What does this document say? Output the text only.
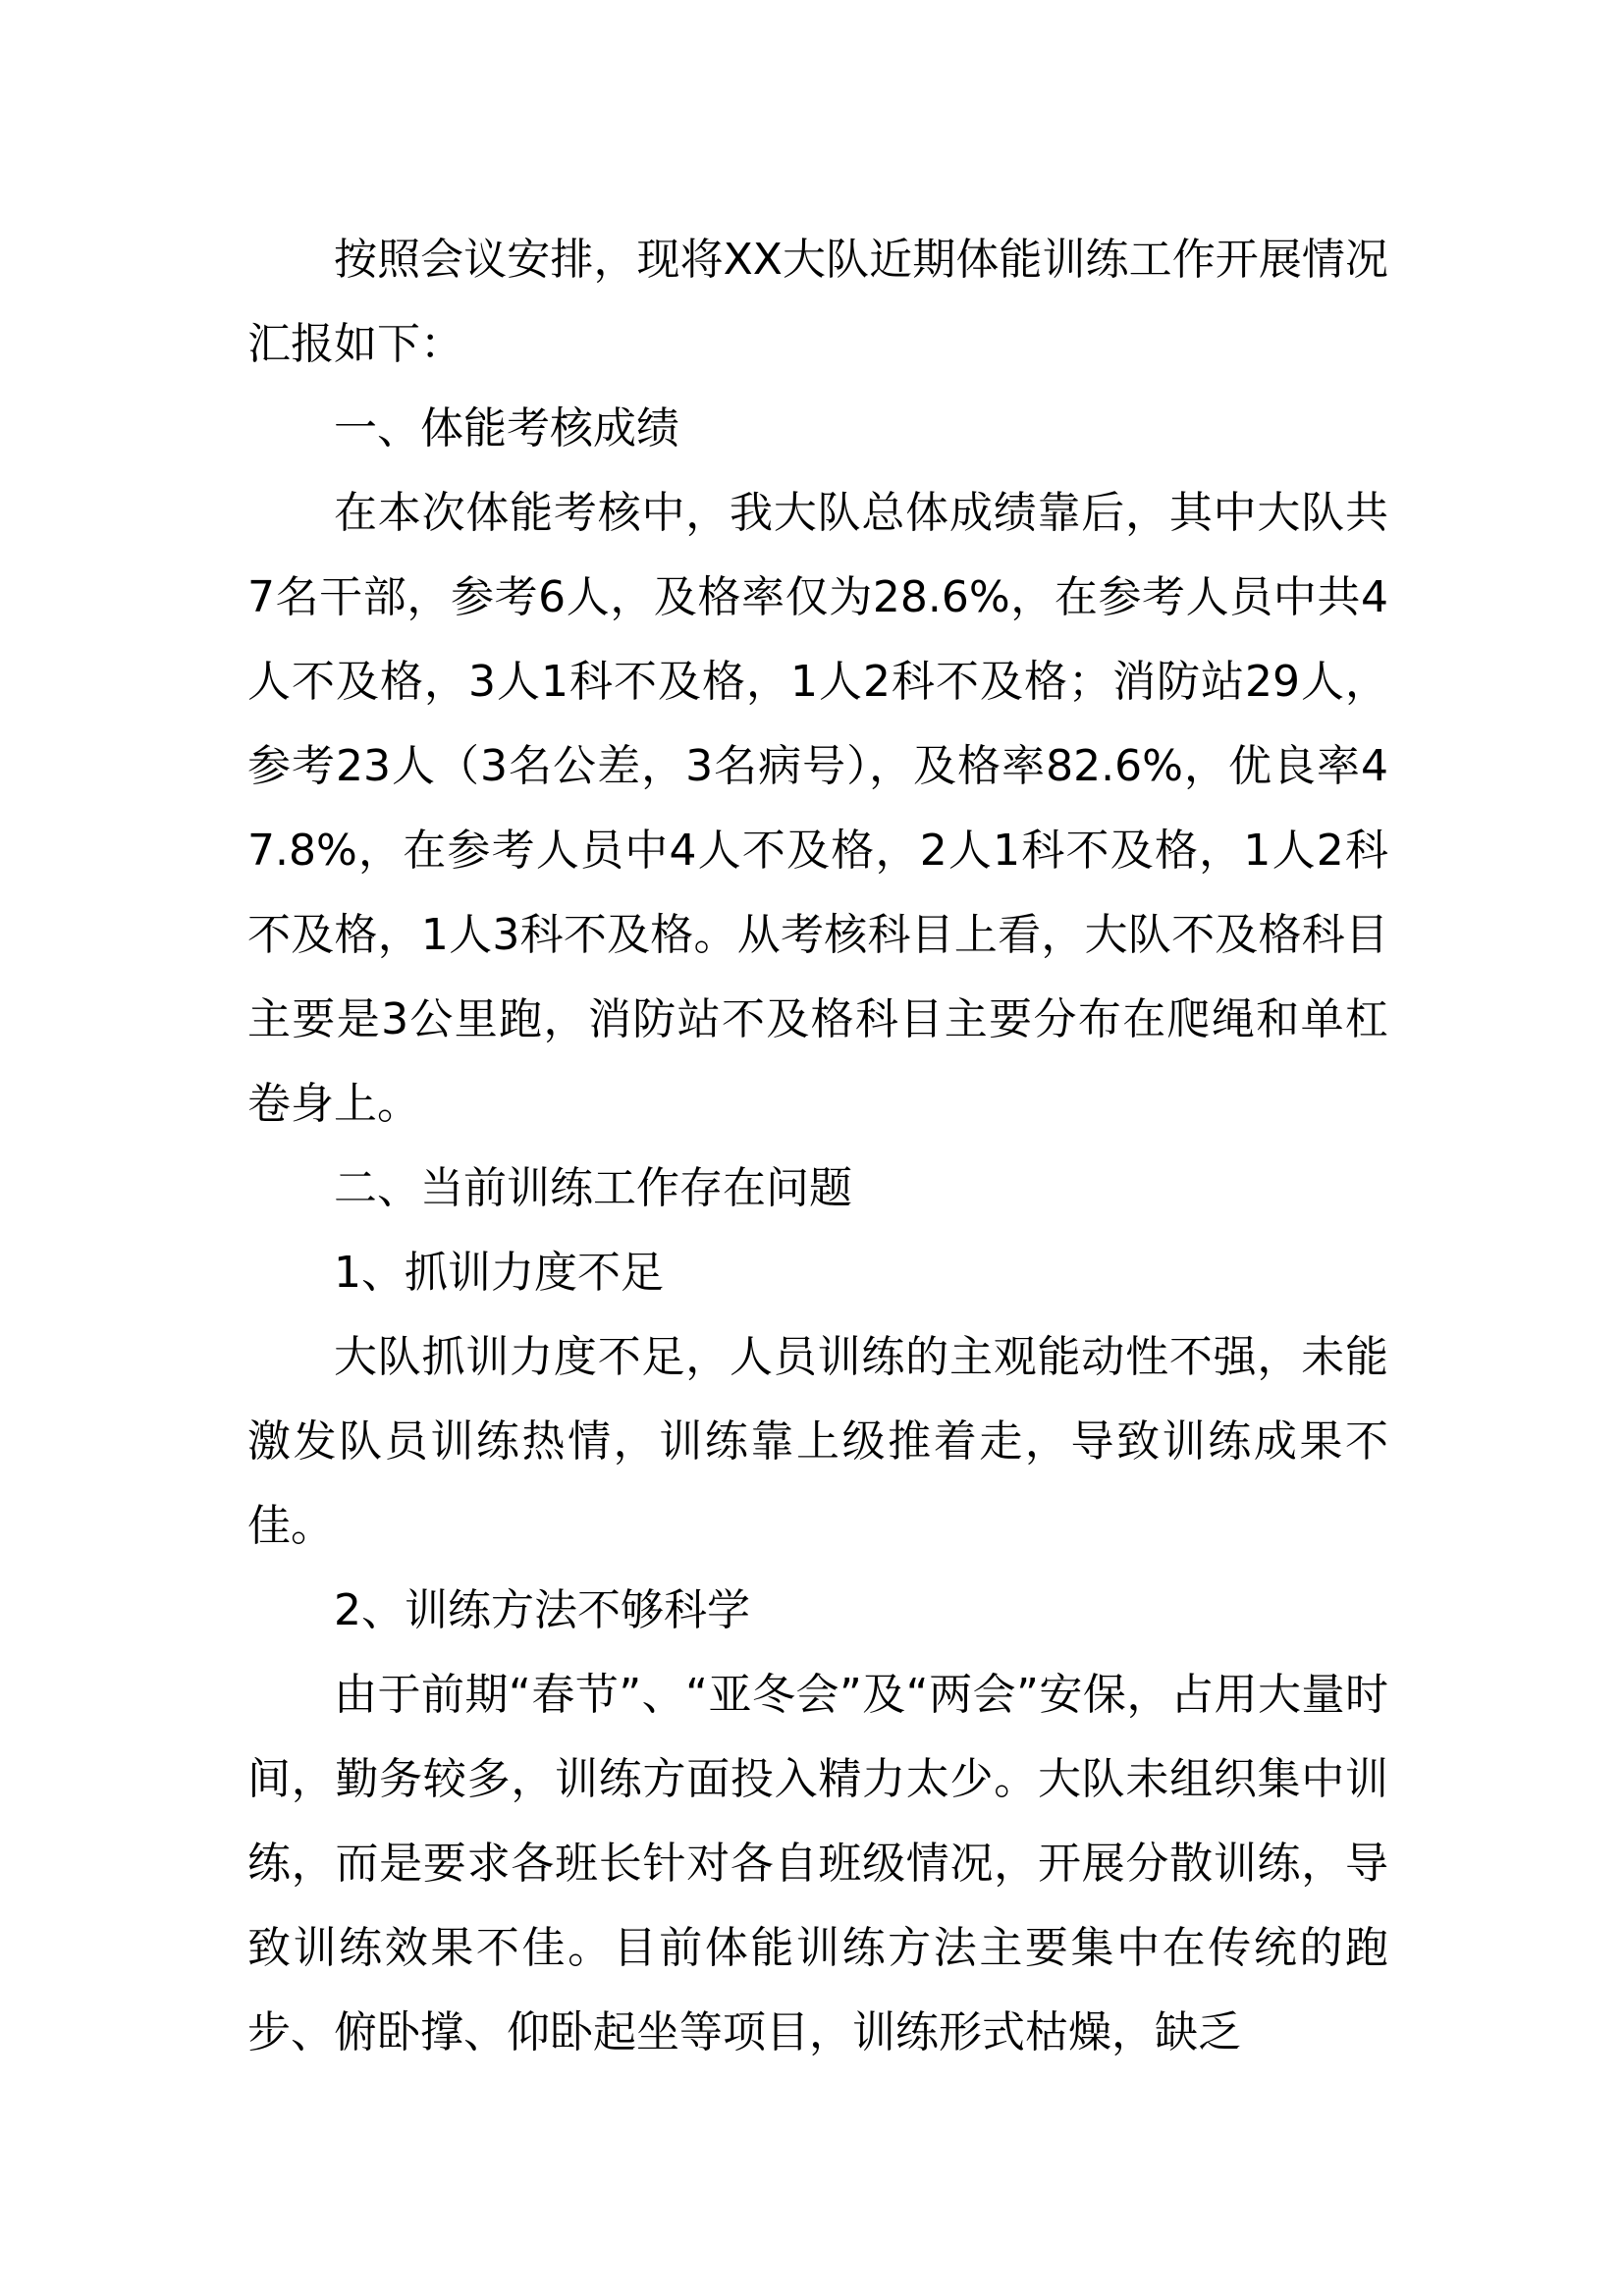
按照会议安排，现将XX大队近期体能训练工作开展情况汇报如下：

一、体能考核成绩

在本次体能考核中，我大队总体成绩靠后，其中大队共7名干部，参考6人，及格率仅为28.6%，在参考人员中共4人不及格，3人1科不及格，1人2科不及格；消防站29人，参考23人（3名公差，3名病号），及格率82.6%，优良率47.8%，在参考人员中4人不及格，2人1科不及格，1人2科不及格，1人3科不及格。从考核科目上看，大队不及格科目主要是3公里跑，消防站不及格科目主要分布在爬绳和单杠卷身上。

二、当前训练工作存在问题

1、抓训力度不足

大队抓训力度不足，人员训练的主观能动性不强，未能激发队员训练热情，训练靠上级推着走，导致训练成果不佳。

2、训练方法不够科学

由于前期“春节”、“亚冬会”及“两会”安保，占用大量时间，勤务较多，训练方面投入精力太少。大队未组织集中训练，而是要求各班长针对各自班级情况，开展分散训练，导致训练效果不佳。目前体能训练方法主要集中在传统的跑步、俯卧撑、仰卧起坐等项目，训练形式枯燥，缺乏
